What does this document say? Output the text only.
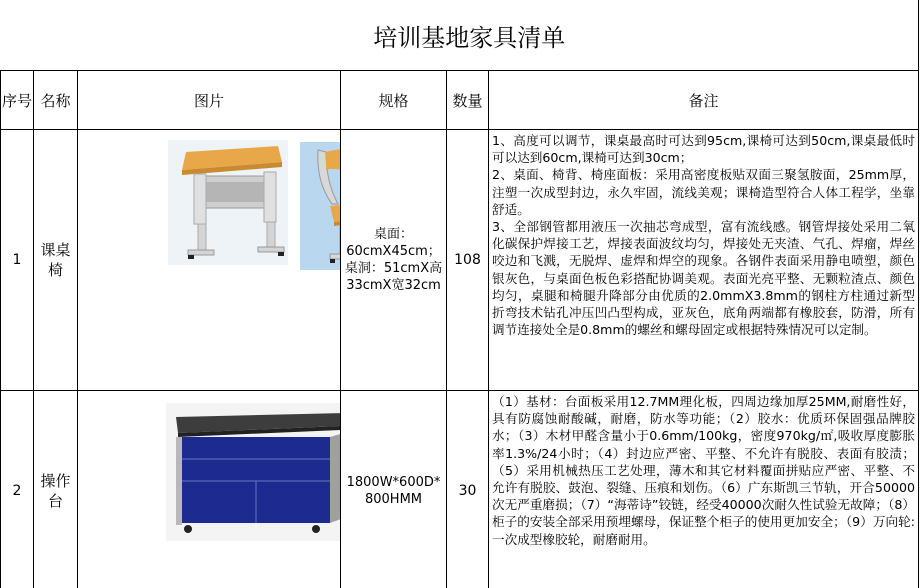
培训基地家具清单					
序号	名称	图片	规格	数量	备注
1	课桌椅		桌面：60cmX45cm；桌洞：51cmX高33cmX宽32cm	108	1、高度可以调节，课桌最高时可达到95cm,课椅可达到50cm,课桌最低时可以达到60cm,课椅可达到30cm；
2、桌面、椅背、椅座面板：采用高密度板贴双面三聚氢胺面，25mm厚，注塑一次成型封边，永久牢固，流线美观；课椅造型符合人体工程学，坐靠舒适。
3、全部钢管都用液压一次抽芯弯成型，富有流线感。钢管焊接处采用二氧化碳保护焊接工艺，焊接表面波纹均匀，焊接处无夹渣、气孔、焊瘤，焊丝咬边和飞溅，无脱焊、虚焊和焊空的现象。各钢件表面采用静电喷塑，颜色银灰色，与桌面色板色彩搭配协调美观。表面光亮平整、无颗粒渣点、颜色均匀，桌腿和椅腿升降部分由优质的2.0mmX3.8mm的钢柱方柱通过新型折弯技术钻孔冲压凹凸型构成，亚灰色，底角两端都有橡胶套，防滑，所有调节连接处全是0.8mm的螺丝和螺母固定或根据特殊情况可以定制。

2	操作台		1800W*600D*800HMM	30	（1）基材：台面板采用12.7MM理化板，四周边缘加厚25MM,耐磨性好，具有防腐蚀耐酸碱，耐磨，防水等功能；（2）胶水：优质环保固强品牌胶水；（3）木材甲醛含量小于0.6mm/100kg，密度970kg/㎡,吸收厚度膨胀率1.3%/24小时；（4）封边应严密、平整、不允许有脱胶、表面有胶渍；（5）采用机械热压工艺处理，薄木和其它材料覆面拼贴应严密、平整、不允许有脱胶、鼓泡、裂缝、压痕和划伤。（6）广东斯凯三节轨，开合50000次无严重磨损；（7）“海蒂诗”铰链，经受40000次耐久性试验无故障；（8）柜子的安装全部采用预埋螺母，保证整个柜子的使用更加安全；（9）万向轮:一次成型橡胶轮，耐磨耐用。
